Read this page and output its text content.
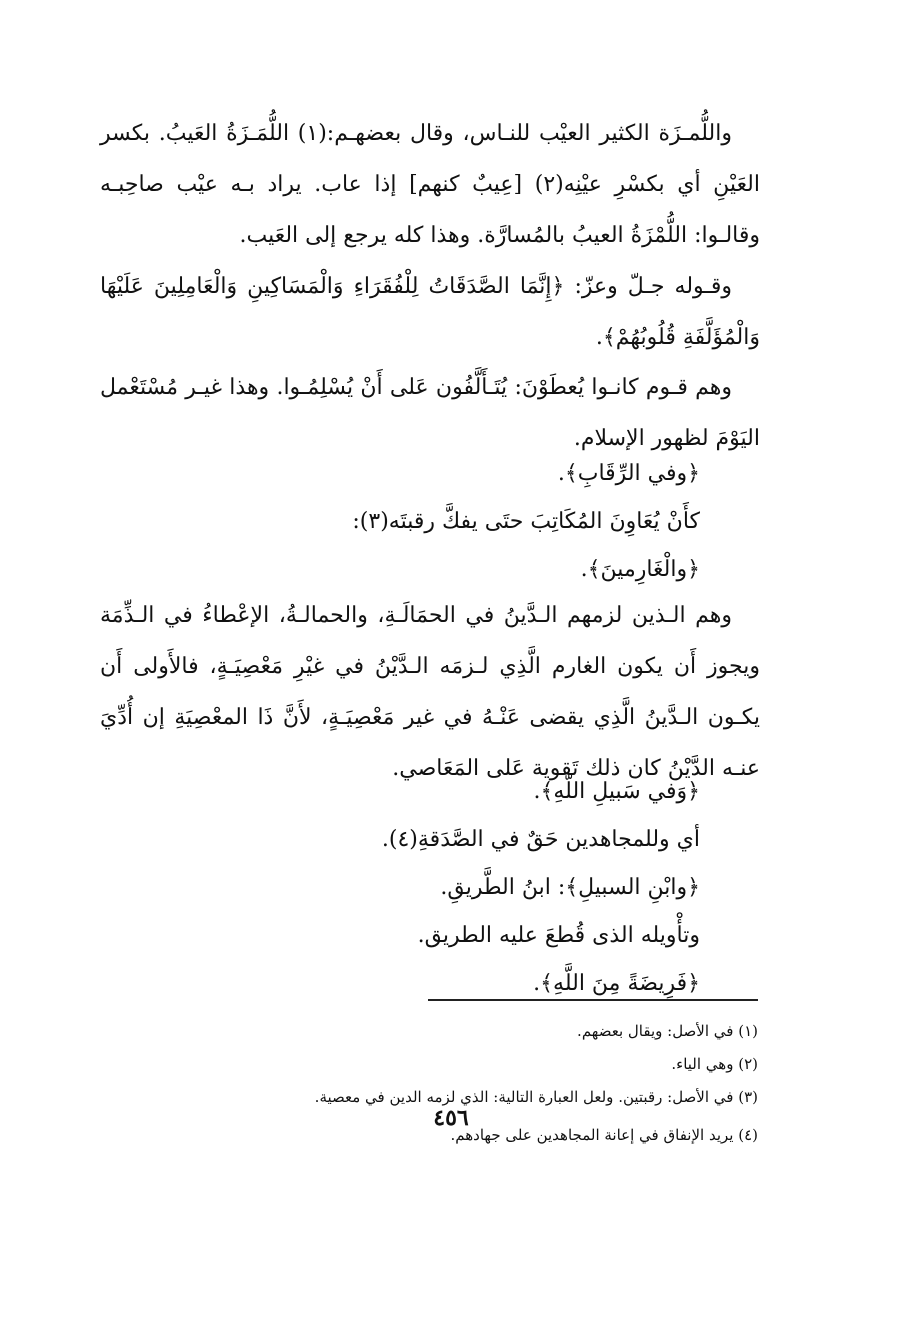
واللُّمـزَة الكثير العيْب للنـاس، وقال بعضهـم:(١) اللُّمَـزَةُ العَيبُ. بكسر العَيْنِ أي بكسْرِ عيْنِه(٢) [عِيبٌ كنهم] إذا عاب. يراد بـه عيْب صاحِبـه وقالـوا: اللُّمْزَةُ العيبُ بالمُسارَّة. وهذا كله يرجع إلى العَيب.

وقـوله جـلّ وعزّ: ﴿إِنَّمَا الصَّدَقَاتُ لِلْفُقَرَاءِ وَالْمَسَاكِينِ وَالْعَامِلِينَ عَلَيْهَا وَالْمُؤَلَّفَةِ قُلُوبُهُمْ﴾.

وهم قـوم كانـوا يُعطَوْنَ: يُتَـأَلَّفُون عَلى أَنْ يُسْلِمُـوا. وهذا غيـر مُسْتَعْمل اليَوْمَ لظهور الإسلام.

﴿وفي الرِّقَابِ﴾.
كأَنْ يُعَاوِنَ المُكَاتِبَ حتَى يفكَّ رقبتَه(٣):
﴿والْغَارِمينَ﴾.

وهم الـذين لزمهم الـدَّينُ في الحمَالَـةِ، والحمالـةُ، الإعْطاءُ في الـذِّمَة ويجوز أَن يكون الغارم الَّذِي لـزمَه الـدَّيْنُ في غيْرِ مَعْصِيَـةٍ، فالأَولى أَن يكـون الـدَّينُ الَّذِي يقضى عَنْـهُ في غير مَعْصِيَـةٍ، لأَنَّ ذَا المعْصِيَةِ إن أُدِّيَ عنـه الدَّيْنُ كان ذلك تَقوية عَلى المَعَاصي.

﴿وَفي سَبيلِ اللّهِ﴾.
أي وللمجاهدين حَقٌ في الصَّدَقةِ(٤).
﴿وابْنِ السبيلِ﴾: ابنُ الطَّريقِ.
وتأْويله الذى قُطعَ عليه الطريق.
﴿فَرِيضَةً مِنَ اللَّهِ﴾.
(١) في الأصل: ويقال بعضهم.
(٢) وهي الياء.
(٣) في الأصل: رقبتين. ولعل العبارة التالية: الذي لزمه الدين في معصية.
(٤) يريد الإنفاق في إعانة المجاهدين على جهادهم.
٤٥٦
